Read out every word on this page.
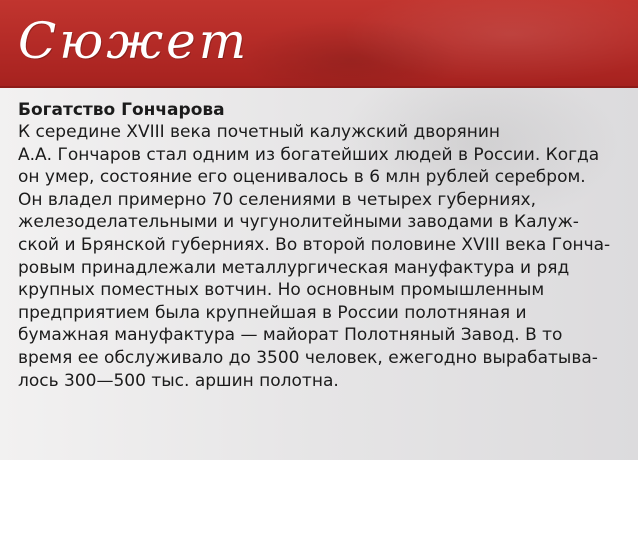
Сюжет
Богатство Гончарова
К середине XVIII века почетный калужский дворянин
А.А. Гончаров стал одним из богатейших людей в России. Когда
он умер, состояние его оценивалось в 6 млн рублей серебром.
Он владел примерно 70 селениями в четырех губерниях,
железоделательными и чугунолитейными заводами в Калуж-
ской и Брянской губерниях. Во второй половине XVIII века Гонча-
ровым принадлежали металлургическая мануфактура и ряд
крупных поместных вотчин. Но основным промышленным
предприятием была крупнейшая в России полотняная и
бумажная мануфактура — майорат Полотняный Завод. В то
время ее обслуживало до 3500 человек, ежегодно вырабатыва-
лось 300—500 тыс. аршин полотна.
